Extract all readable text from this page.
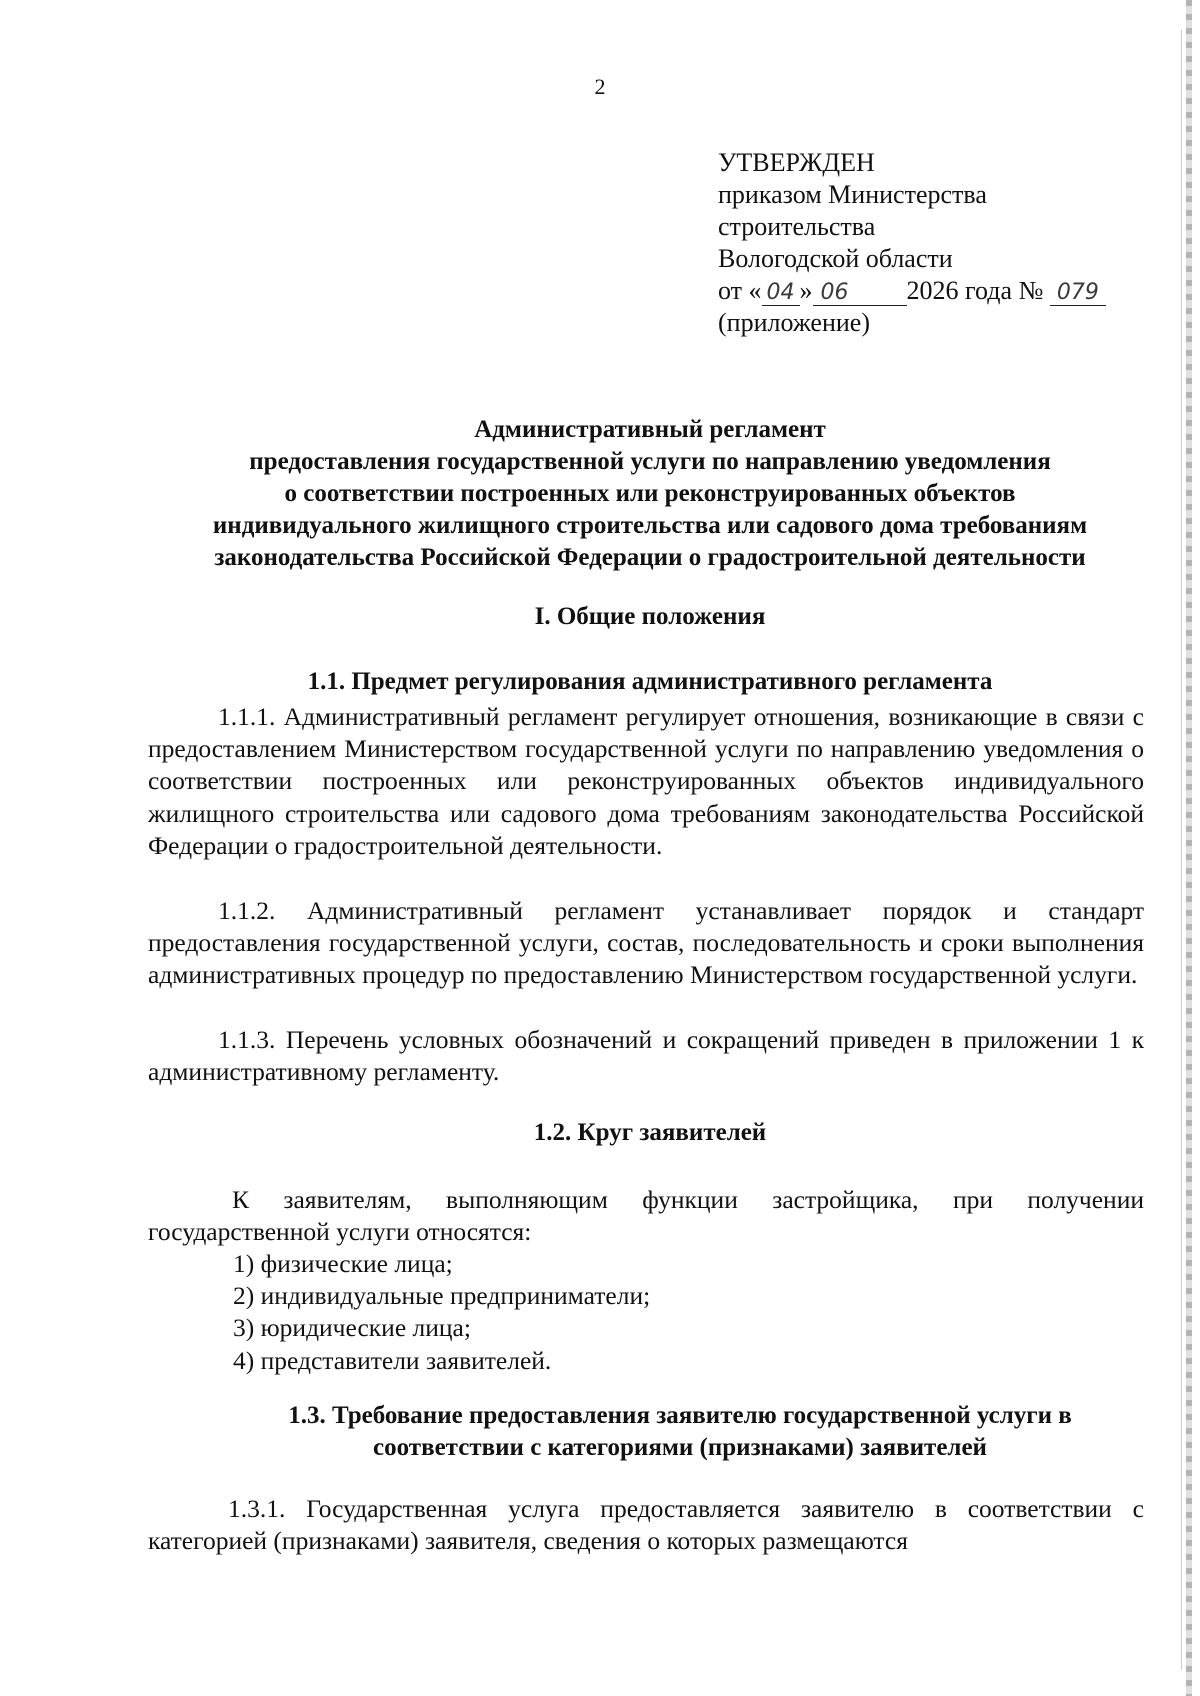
2
УТВЕРЖДЕН
приказом Министерства
строительства
Вологодской области
от « 04 » 06 2026 года № 079
(приложение)
Административный регламент
предоставления государственной услуги по направлению уведомления
о соответствии построенных или реконструированных объектов
индивидуального жилищного строительства или садового дома требованиям
законодательства Российской Федерации о градостроительной деятельности
I. Общие положения
1.1. Предмет регулирования административного регламента
1.1.1. Административный регламент регулирует отношения, возникающие в связи с предоставлением Министерством государственной услуги по направлению уведомления о соответствии построенных или реконструированных объектов индивидуального жилищного строительства или садового дома требованиям законодательства Российской Федерации о градостроительной деятельности.
1.1.2. Административный регламент устанавливает порядок и стандарт предоставления государственной услуги, состав, последовательность и сроки выполнения административных процедур по предоставлению Министерством государственной услуги.
1.1.3. Перечень условных обозначений и сокращений приведен в приложении 1 к административному регламенту.
1.2. Круг заявителей
К заявителям, выполняющим функции застройщика, при получении государственной услуги относятся:
1) физические лица;
2) индивидуальные предприниматели;
3) юридические лица;
4) представители заявителей.
1.3. Требование предоставления заявителю государственной услуги в
соответствии с категориями (признаками) заявителей
1.3.1. Государственная услуга предоставляется заявителю в соответствии с категорией (признаками) заявителя, сведения о которых размещаются
